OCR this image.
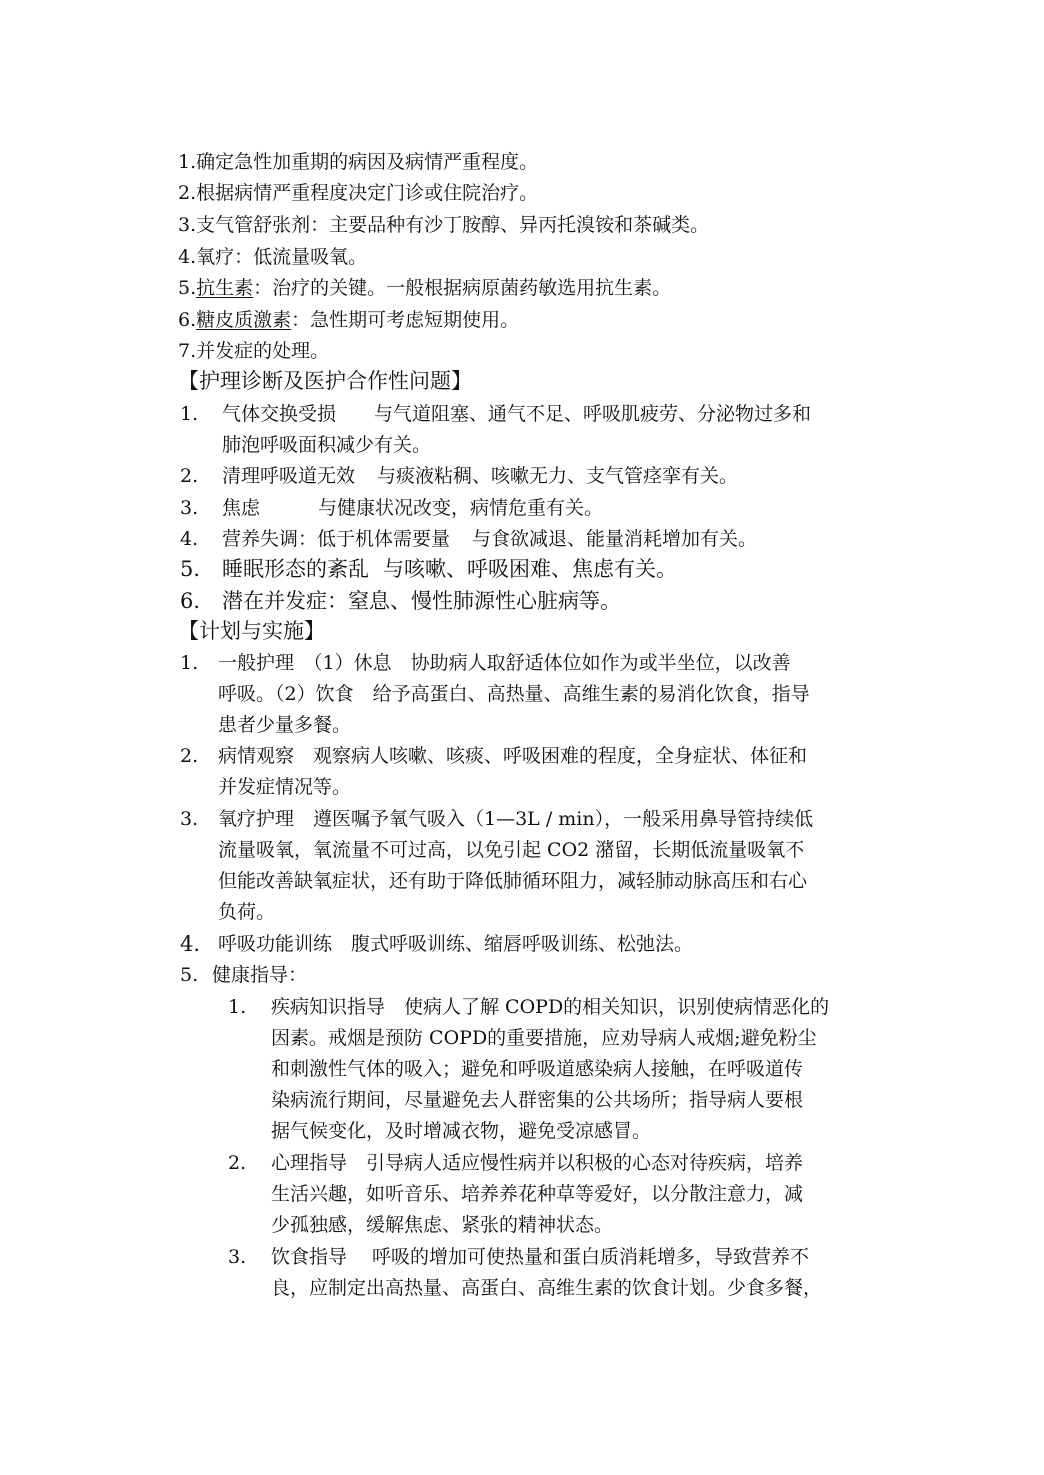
1.确定急性加重期的病因及病情严重程度。
2.根据病情严重程度决定门诊或住院治疗。
3.支气管舒张剂：主要品种有沙丁胺醇、异丙托溴铵和茶碱类。
4.氧疗：低流量吸氧。
5.抗生素：治疗的关键。一般根据病原菌药敏选用抗生素。
6.糖皮质激素：急性期可考虑短期使用。
7.并发症的处理。
【护理诊断及医护合作性问题】
1. 气体交换受损 与气道阻塞、通气不足、呼吸肌疲劳、分泌物过多和
肺泡呼吸面积减少有关。
2. 清理呼吸道无效 与痰液粘稠、咳嗽无力、支气管痉挛有关。
3. 焦虑	与健康状况改变，病情危重有关。
4. 营养失调：低于机体需要量 与食欲减退、能量消耗增加有关。
5. 睡眠形态的紊乱 与咳嗽、呼吸困难、焦虑有关。
6. 潜在并发症：窒息、慢性肺源性心脏病等。
【计划与实施】
1. 一般护理　（1）休息　协助病人取舒适体位如作为或半坐位，以改善
呼吸。（2）饮食　给予高蛋白、高热量、高维生素的易消化饮食，指导
患者少量多餐。
2. 病情观察　观察病人咳嗽、咳痰、呼吸困难的程度，全身症状、体征和
并发症情况等。
3. 氧疗护理　遵医嘱予氧气吸入（1—3L / min），一般采用鼻导管持续低
流量吸氧，氧流量不可过高，以免引起 CO2 潴留，长期低流量吸氧不
但能改善缺氧症状，还有助于降低肺循环阻力，减轻肺动脉高压和右心
负荷。
4. 呼吸功能训练　腹式呼吸训练、缩唇呼吸训练、松弛法。
5. 健康指导：
1. 疾病知识指导　使病人了解 COPD的相关知识，识别使病情恶化的
因素。戒烟是预防 COPD的重要措施，应劝导病人戒烟;避免粉尘
和刺激性气体的吸入；避免和呼吸道感染病人接触，在呼吸道传
染病流行期间，尽量避免去人群密集的公共场所；指导病人要根
据气候变化，及时增减衣物，避免受凉感冒。
2. 心理指导　引导病人适应慢性病并以积极的心态对待疾病，培养
生活兴趣，如听音乐、培养养花种草等爱好，以分散注意力，减
少孤独感，缓解焦虑、紧张的精神状态。
3. 饮食指导　 呼吸的增加可使热量和蛋白质消耗增多，导致营养不
良，应制定出高热量、高蛋白、高维生素的饮食计划。少食多餐，
